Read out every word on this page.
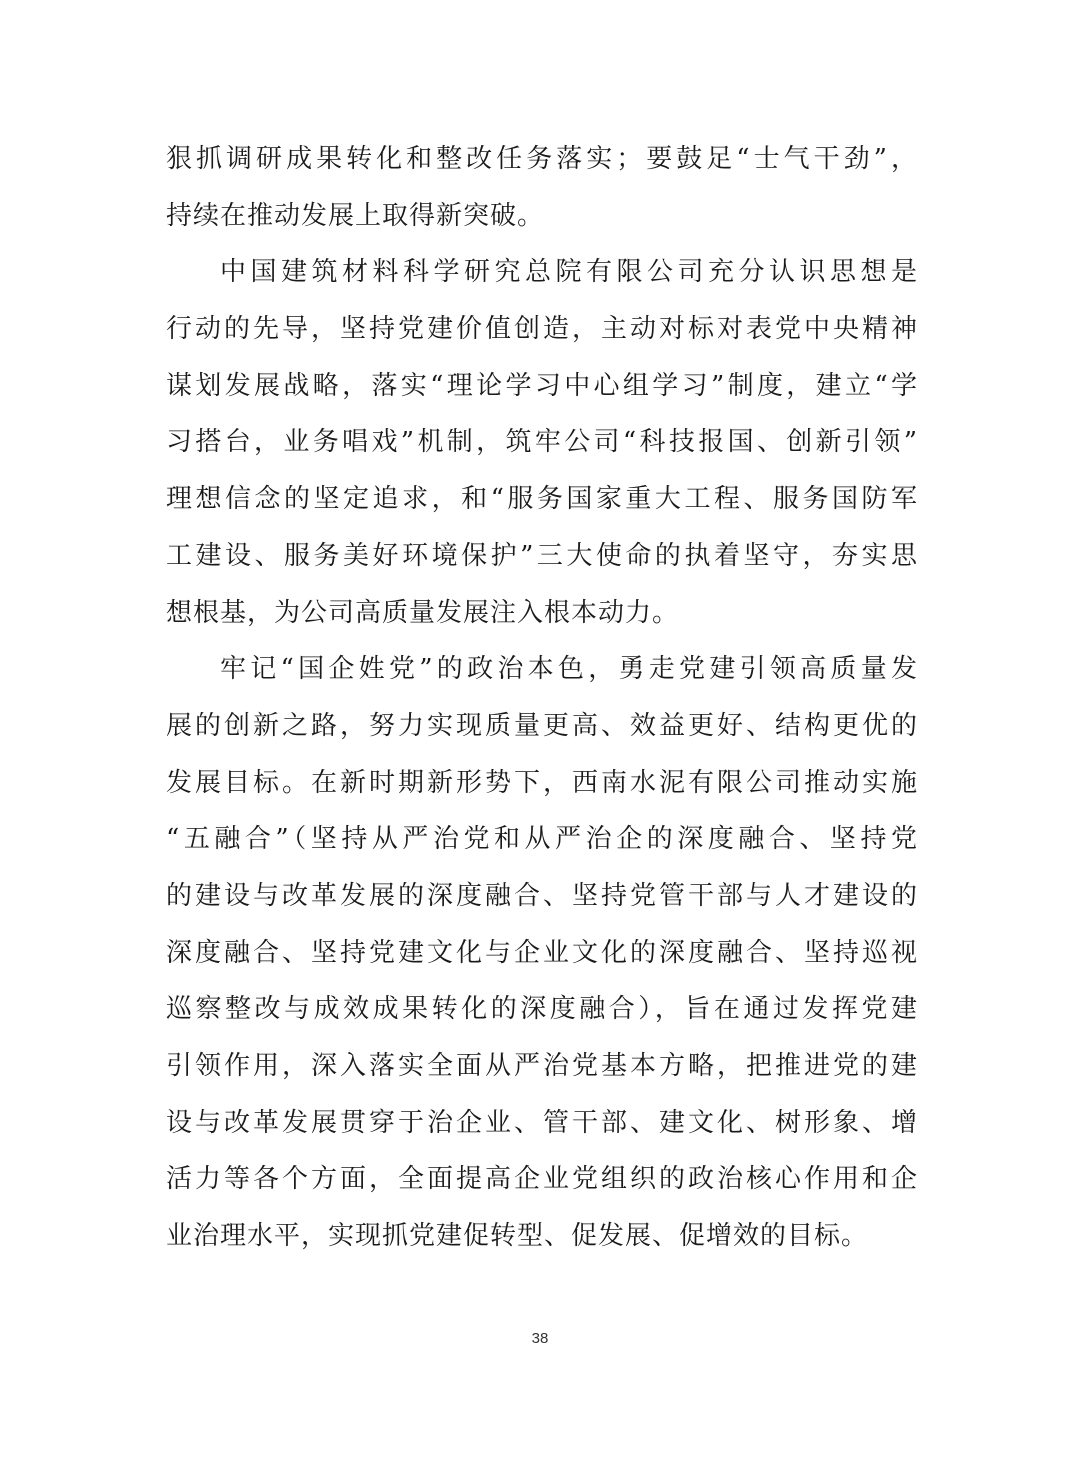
狠抓调研成果转化和整改任务落实；要鼓足“士气干劲”，
持续在推动发展上取得新突破。
中国建筑材料科学研究总院有限公司充分认识思想是
行动的先导，坚持党建价值创造，主动对标对表党中央精神
谋划发展战略，落实“理论学习中心组学习”制度，建立“学
习搭台，业务唱戏”机制，筑牢公司“科技报国、创新引领”
理想信念的坚定追求，和“服务国家重大工程、服务国防军
工建设、服务美好环境保护”三大使命的执着坚守，夯实思
想根基，为公司高质量发展注入根本动力。
牢记“国企姓党”的政治本色，勇走党建引领高质量发
展的创新之路，努力实现质量更高、效益更好、结构更优的
发展目标。在新时期新形势下，西南水泥有限公司推动实施
“五融合”（坚持从严治党和从严治企的深度融合、坚持党
的建设与改革发展的深度融合、坚持党管干部与人才建设的
深度融合、坚持党建文化与企业文化的深度融合、坚持巡视
巡察整改与成效成果转化的深度融合），旨在通过发挥党建
引领作用，深入落实全面从严治党基本方略，把推进党的建
设与改革发展贯穿于治企业、管干部、建文化、树形象、增
活力等各个方面，全面提高企业党组织的政治核心作用和企
业治理水平，实现抓党建促转型、促发展、促增效的目标。
38
